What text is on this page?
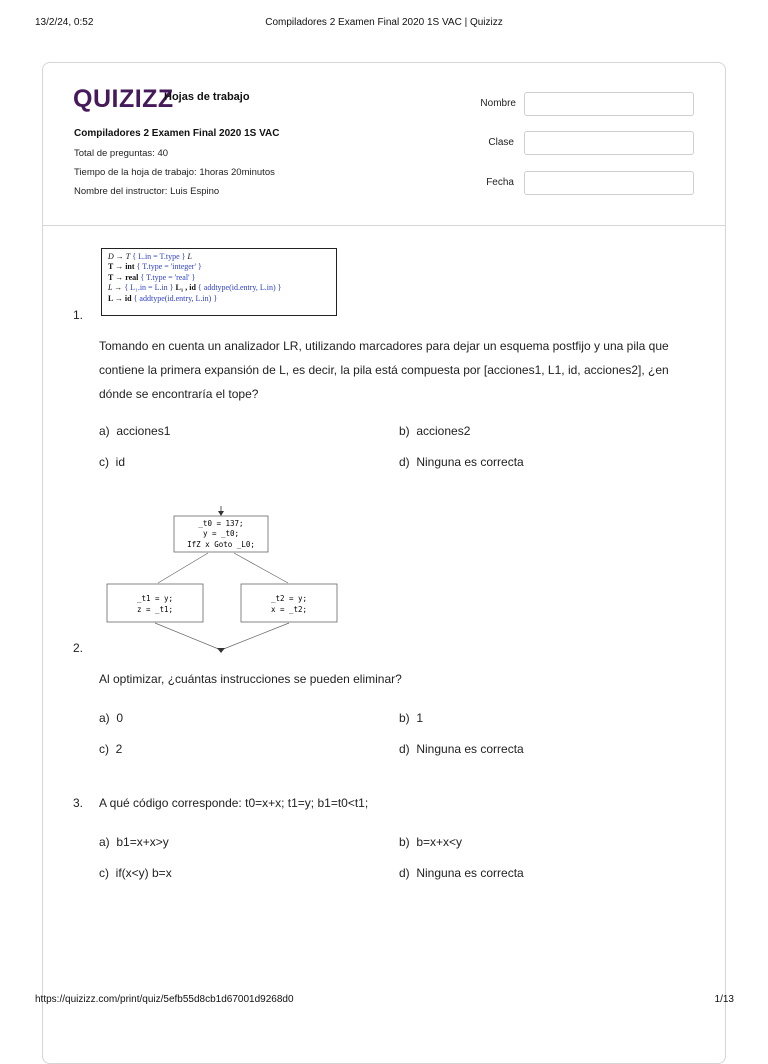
13/2/24, 0:52	Compiladores 2 Examen Final 2020 1S VAC | Quizizz
QUIZIZZ
Hojas de trabajo
Compiladores 2 Examen Final 2020 1S VAC
Total de preguntas: 40
Tiempo de la hoja de trabajo: 1horas 20minutos
Nombre del instructor: Luis Espino
Nombre
Clase
Fecha
D → T { L.in = T.type } L
T → int { T.type = 'integer' }
T → real { T.type = 'real' }
L → { L₁.in = L.in } L₁ , id { addtype(id.entry, L.in) }
L → id { addtype(id.entry, L.in) }
1.
Tomando en cuenta un analizador LR, utilizando marcadores para dejar un esquema postfijo y una pila que contiene la primera expansión de L, es decir, la pila está compuesta por [acciones1, L1, id, acciones2], ¿en dónde se encontraría el tope?
a) acciones1	b) acciones2
c) id	d) Ninguna es correcta
_t0 = 137;
y = _t0;
IfZ x Goto _L0;
_t1 = y;
z = _t1;
_t2 = y;
x = _t2;
2.
Al optimizar, ¿cuántas instrucciones se pueden eliminar?
a) 0	b) 1
c) 2	d) Ninguna es correcta
3. A qué código corresponde: t0=x+x; t1=y; b1=t0<t1;
a) b1=x+x>y	b) b=x+x<y
c) if(x<y) b=x	d) Ninguna es correcta
https://quizizz.com/print/quiz/5efb55d8cb1d67001d9268d0	1/13
